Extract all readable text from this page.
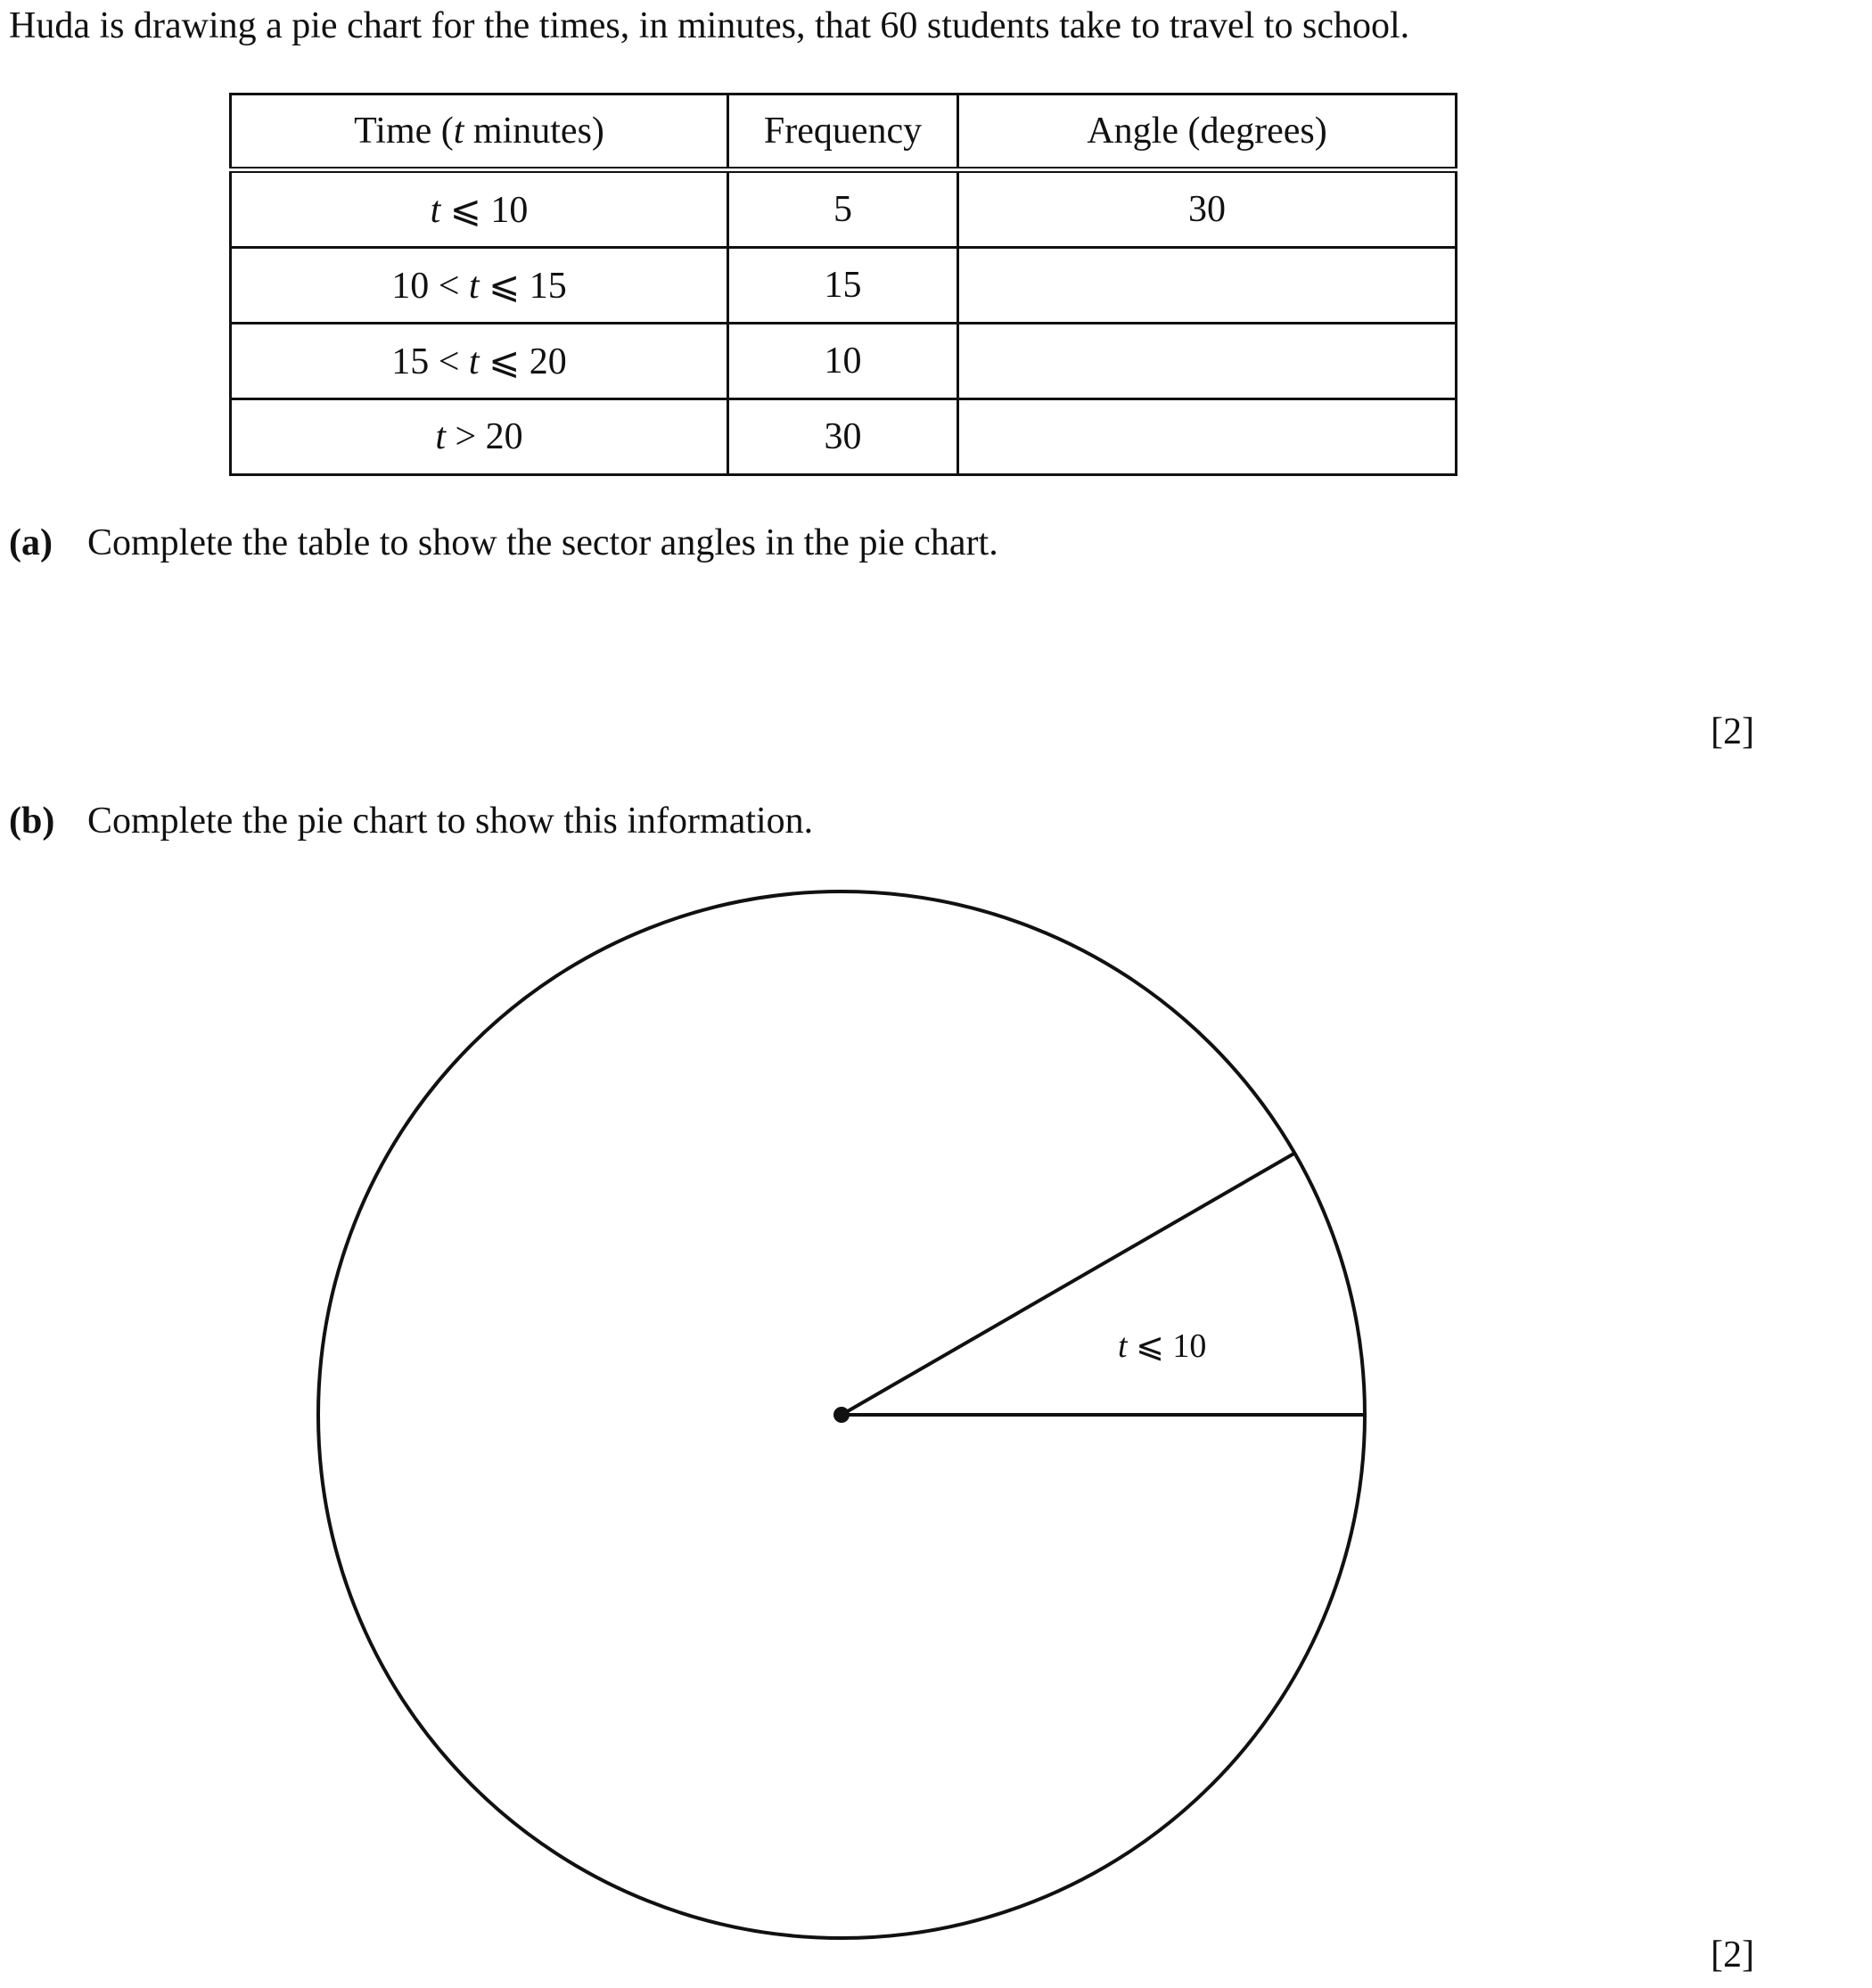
Huda is drawing a pie chart for the times, in minutes, that 60 students take to travel to school.
Time (t minutes)	Frequency	Angle (degrees)
t ⩽ 10	5	30
10 < t ⩽ 15	15	
15 < t ⩽ 20	10	
t > 20	30	
(a) Complete the table to show the sector angles in the pie chart.
[2]
(b) Complete the pie chart to show this information.
t ⩽ 10
[2]
